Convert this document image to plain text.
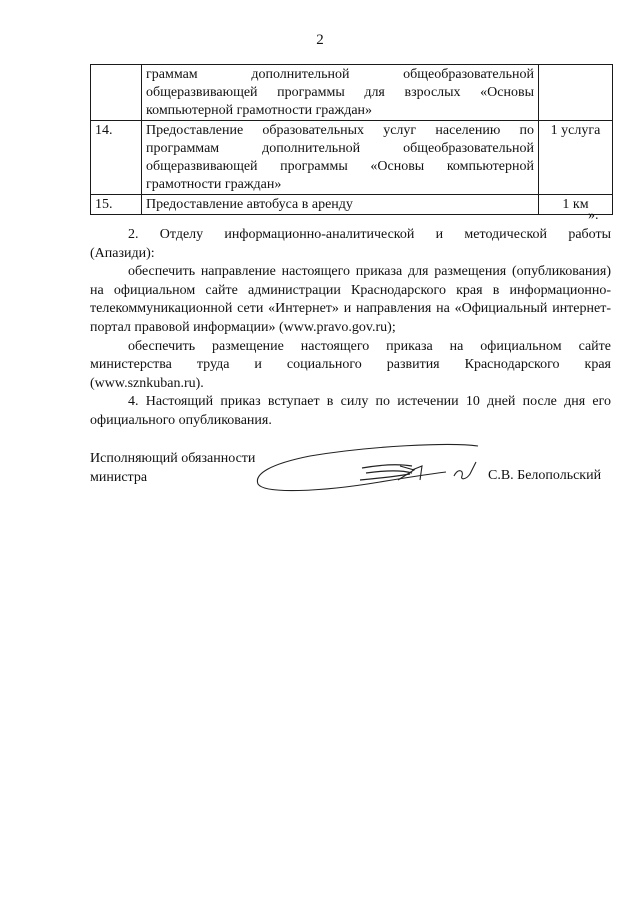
2
	граммам дополнительной общеобразовательной общеразвивающей программы для взрослых «Основы компьютерной грамотности граждан»	
14.	Предоставление образовательных услуг населению по программам дополнительной общеобразовательной общеразвивающей программы «Основы компьютерной грамотности граждан»	1 услуга
15.	Предоставление автобуса в аренду	1 км
».

2. Отделу информационно-аналитической и методической работы

(Апазиди):

обеспечить направление настоящего приказа для размещения (опубликования) на официальном сайте администрации Краснодарского края в информационно-телекоммуникационной сети «Интернет» и направления на «Официальный интернет-портал правовой информации» (www.pravo.gov.ru);

обеспечить размещение настоящего приказа на официальном сайте министерства труда и социального развития Краснодарского края

(www.sznkuban.ru).

4. Настоящий приказ вступает в силу по истечении 10 дней после дня его официального опубликования.

Исполняющий обязанности
министра	С.В. Белопольский
